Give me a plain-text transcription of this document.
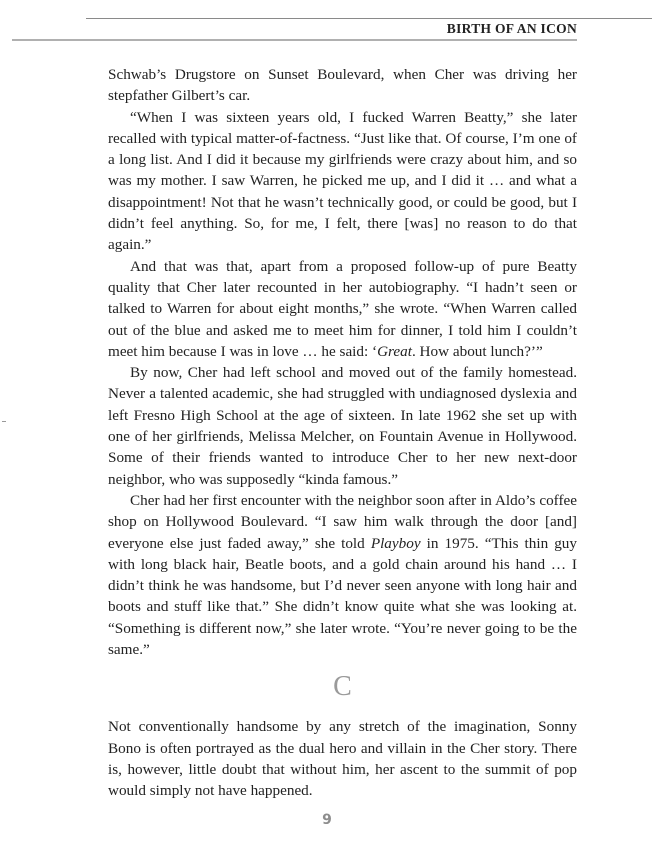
BIRTH OF AN ICON

Schwab’s Drugstore on Sunset Boulevard, when Cher was driving her stepfather Gilbert’s car.

“When I was sixteen years old, I fucked Warren Beatty,” she later recalled with typical matter-of-factness. “Just like that. Of course, I’m one of a long list. And I did it because my girlfriends were crazy about him, and so was my mother. I saw Warren, he picked me up, and I did it … and what a disappointment! Not that he wasn’t technically good, or could be good, but I didn’t feel anything. So, for me, I felt, there [was] no reason to do that again.”

And that was that, apart from a proposed follow-up of pure Beatty quality that Cher later recounted in her autobiography. “I hadn’t seen or talked to Warren for about eight months,” she wrote. “When Warren called out of the blue and asked me to meet him for dinner, I told him I couldn’t meet him because I was in love … he said: ‘Great. How about lunch?’”

By now, Cher had left school and moved out of the family homestead. Never a talented academic, she had struggled with undiagnosed dyslexia and left Fresno High School at the age of sixteen. In late 1962 she set up with one of her girlfriends, Melissa Melcher, on Fountain Avenue in Hollywood. Some of their friends wanted to introduce Cher to her new next-door neighbor, who was supposedly “kinda famous.”

Cher had her first encounter with the neighbor soon after in Aldo’s coffee shop on Hollywood Boulevard. “I saw him walk through the door [and] everyone else just faded away,” she told Playboy in 1975. “This thin guy with long black hair, Beatle boots, and a gold chain around his hand … I didn’t think he was handsome, but I’d never seen anyone with long hair and boots and stuff like that.” She didn’t know quite what she was looking at. “Something is different now,” she later wrote. “You’re never going to be the same.”

C

Not conventionally handsome by any stretch of the imagination, Sonny Bono is often portrayed as the dual hero and villain in the Cher story. There is, however, little doubt that without him, her ascent to the summit of pop would simply not have happened.

9
